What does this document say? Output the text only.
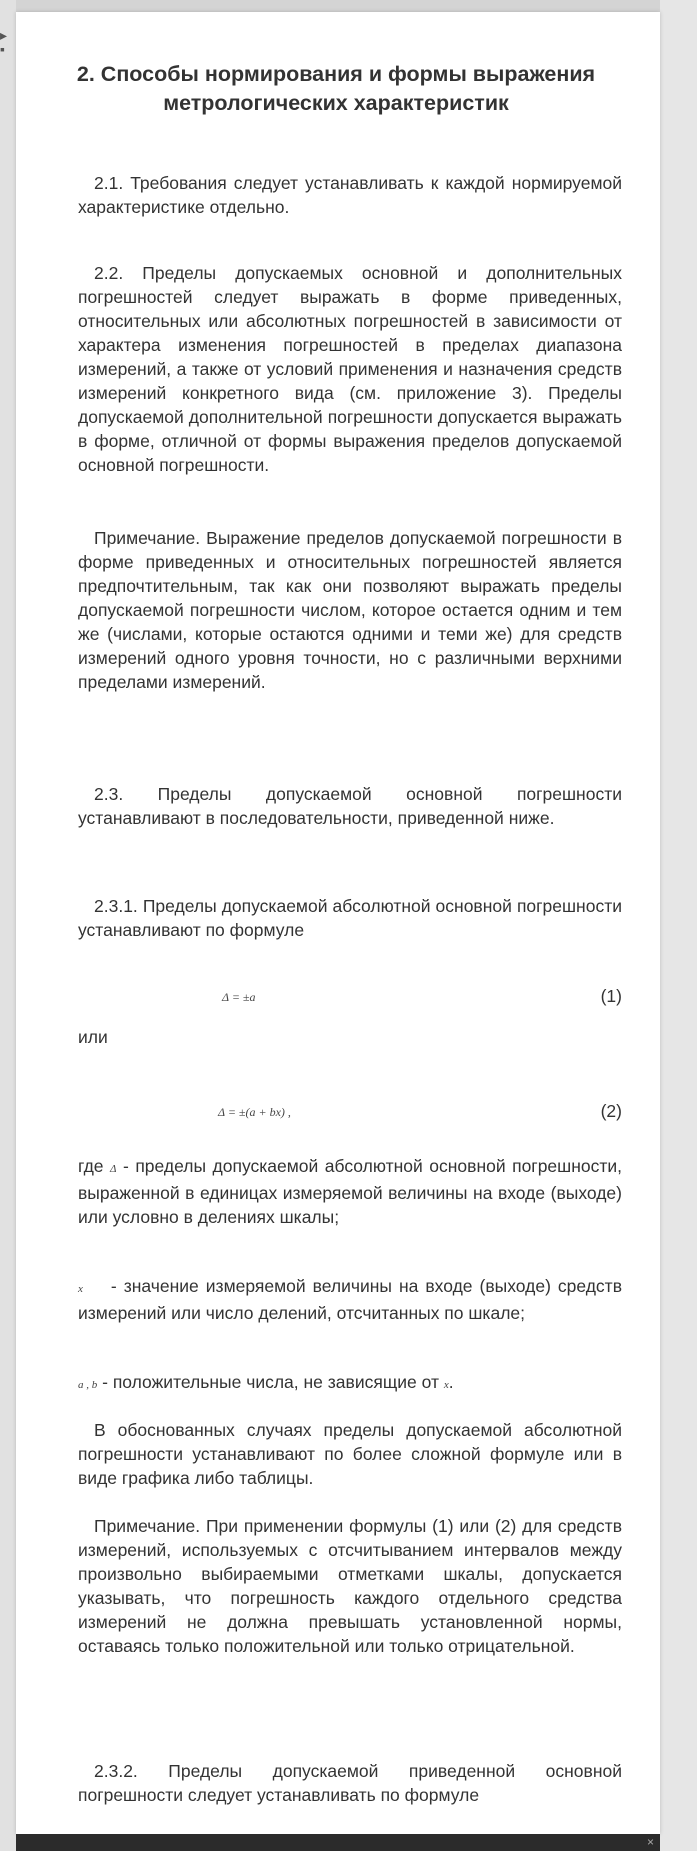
▸
▪
2. Способы нормирования и формы выражения метрологических характеристик
2.1. Требования следует устанавливать к каждой нормируемой характеристике отдельно.
2.2. Пределы допускаемых основной и дополнительных погрешностей следует выражать в форме приведенных, относительных или абсолютных погрешностей в зависимости от характера изменения погрешностей в пределах диапазона измерений, а также от условий применения и назначения средств измерений конкретного вида (см. приложение 3). Пределы допускаемой дополнительной погрешности допускается выражать в форме, отличной от формы выражения пределов допускаемой основной погрешности.
Примечание. Выражение пределов допускаемой погрешности в форме приведенных и относительных погрешностей является предпочтительным, так как они позволяют выражать пределы допускаемой погрешности числом, которое остается одним и тем же (числами, которые остаются одними и теми же) для средств измерений одного уровня точности, но с различными верхними пределами измерений.
2.3. Пределы допускаемой основной погрешности устанавливают в последовательности, приведенной ниже.
2.3.1. Пределы допускаемой абсолютной основной погрешности устанавливают по формуле
Δ = ±a	(1)
или
Δ = ±(a + bx) ,	(2)
где Δ - пределы допускаемой абсолютной основной погрешности, выраженной в единицах измеряемой величины на входе (выходе) или условно в делениях шкалы;
x - значение измеряемой величины на входе (выходе) средств измерений или число делений, отсчитанных по шкале;
a , b - положительные числа, не зависящие от x.
В обоснованных случаях пределы допускаемой абсолютной погрешности устанавливают по более сложной формуле или в виде графика либо таблицы.
Примечание. При применении формулы (1) или (2) для средств измерений, используемых с отсчитыванием интервалов между произвольно выбираемыми отметками шкалы, допускается указывать, что погрешность каждого отдельного средства измерений не должна превышать установленной нормы, оставаясь только положительной или только отрицательной.
2.3.2. Пределы допускаемой приведенной основной погрешности следует устанавливать по формуле
×
